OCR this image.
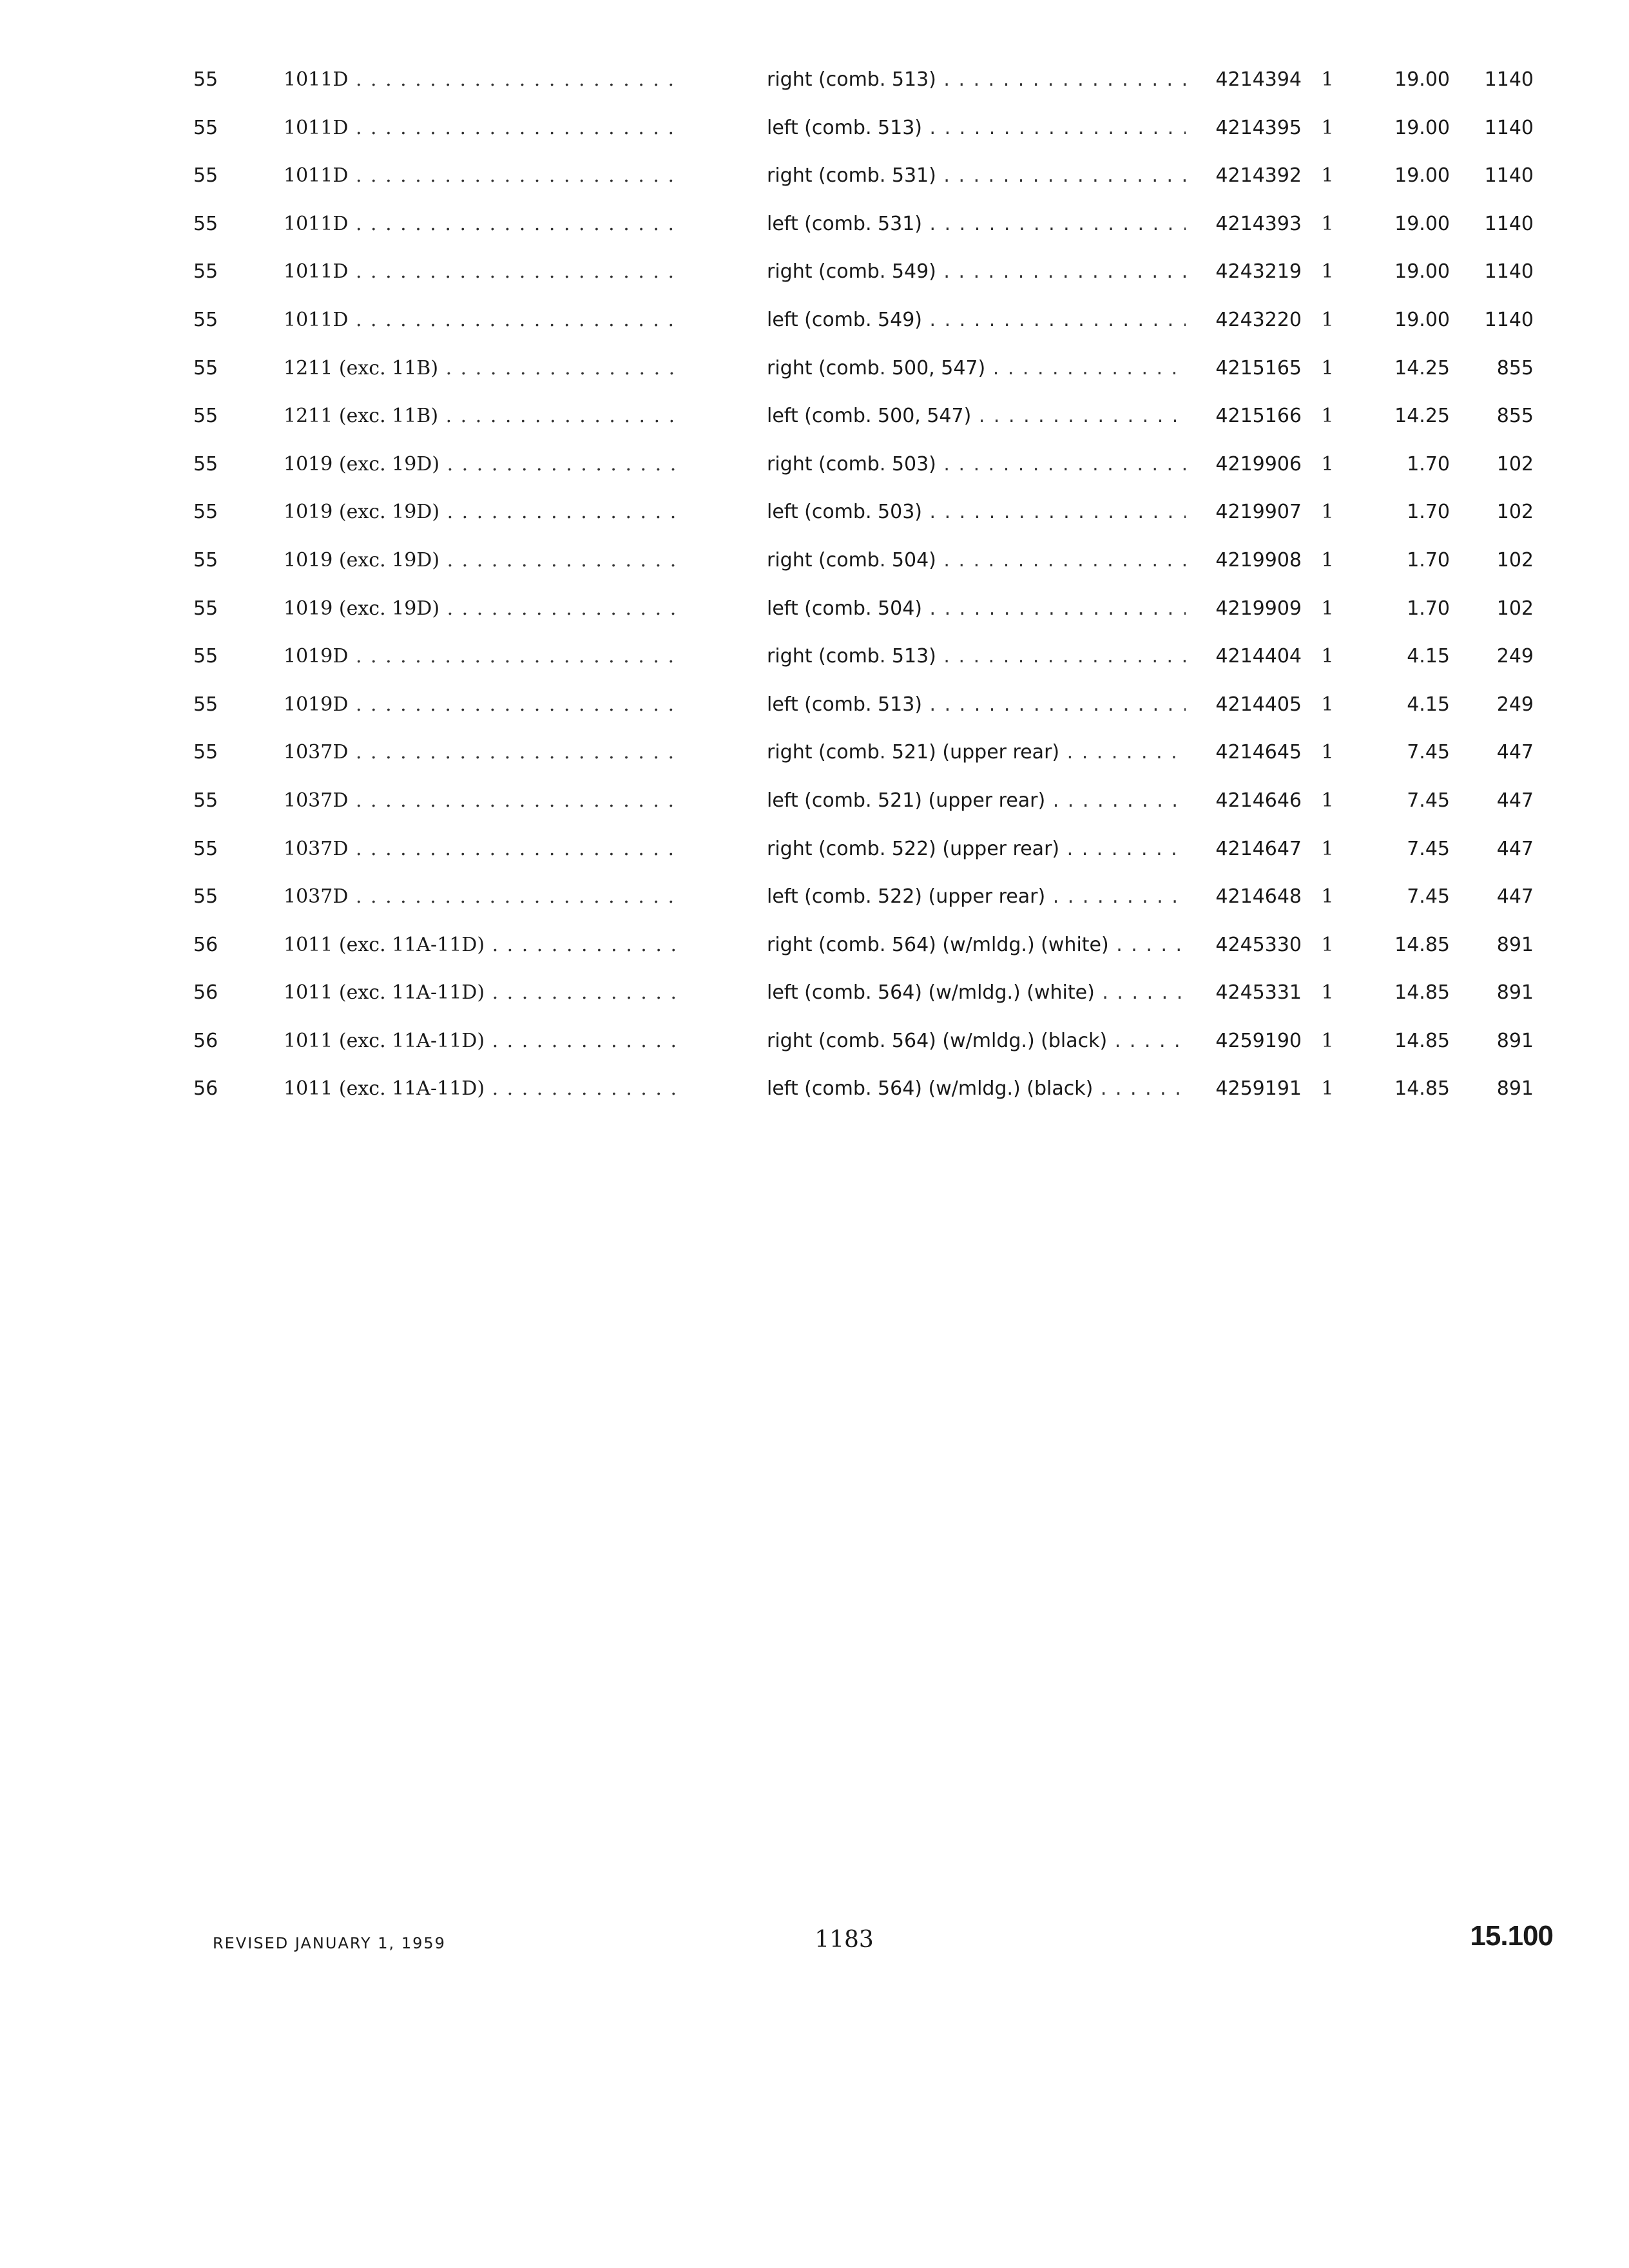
55	1011D . . .	right (comb. 513) . . .	4214394	1	19.00	1140
55	1011D . . .	left (comb. 513) . . .	4214395	1	19.00	1140
55	1011D . . .	right (comb. 531) . . .	4214392	1	19.00	1140
55	1011D . . .	left (comb. 531) . . .	4214393	1	19.00	1140
55	1011D . . .	right (comb. 549) . . .	4243219	1	19.00	1140
55	1011D . . .	left (comb. 549) . . .	4243220	1	19.00	1140
55	1211 (exc. 11B) . . .	right (comb. 500, 547) . . .	4215165	1	14.25	855
55	1211 (exc. 11B) . . .	left (comb. 500, 547) . . .	4215166	1	14.25	855
55	1019 (exc. 19D) . . .	right (comb. 503) . . .	4219906	1	1.70	102
55	1019 (exc. 19D) . . .	left (comb. 503) . . .	4219907	1	1.70	102
55	1019 (exc. 19D) . . .	right (comb. 504) . . .	4219908	1	1.70	102
55	1019 (exc. 19D) . . .	left (comb. 504) . . .	4219909	1	1.70	102
55	1019D . . .	right (comb. 513) . . .	4214404	1	4.15	249
55	1019D . . .	left (comb. 513) . . .	4214405	1	4.15	249
55	1037D . . .	right (comb. 521) (upper rear) . . .	4214645	1	7.45	447
55	1037D . . .	left (comb. 521) (upper rear) . . .	4214646	1	7.45	447
55	1037D . . .	right (comb. 522) (upper rear) . . .	4214647	1	7.45	447
55	1037D . . .	left (comb. 522) (upper rear) . . .	4214648	1	7.45	447
56	1011 (exc. 11A-11D) . . .	right (comb. 564) (w/mldg.) (white) . . .	4245330	1	14.85	891
56	1011 (exc. 11A-11D) . . .	left (comb. 564) (w/mldg.) (white) . . .	4245331	1	14.85	891
56	1011 (exc. 11A-11D) . . .	right (comb. 564) (w/mldg.) (black) . . .	4259190	1	14.85	891
56	1011 (exc. 11A-11D) . . .	left (comb. 564) (w/mldg.) (black) . . .	4259191	1	14.85	891
REVISED JANUARY 1, 1959	1183	15.100
